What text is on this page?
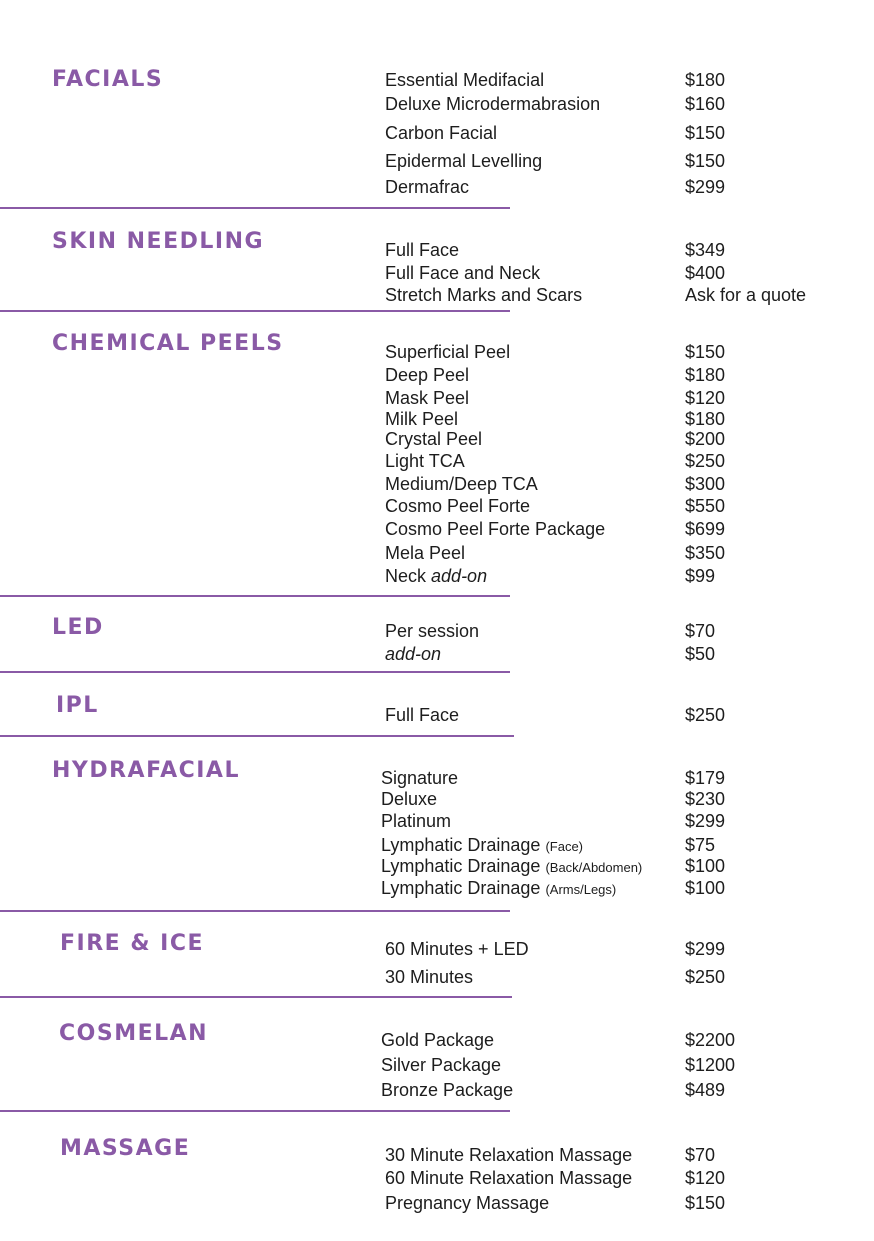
FACIALS	Essential Medifacial	$180
Deluxe Microdermabrasion	$160
Carbon Facial	$150
Epidermal Levelling	$150
Dermafrac	$299
SKIN NEEDLING	Full Face	$349
Full Face and Neck	$400
Stretch Marks and Scars	Ask for a quote
CHEMICAL PEELS	Superficial Peel	$150
Deep Peel	$180
Mask Peel	$120
Milk Peel	$180
Crystal Peel	$200
Light TCA	$250
Medium/Deep TCA	$300
Cosmo Peel Forte	$550
Cosmo Peel Forte Package	$699
Mela Peel	$350
Neck add-on	$99
LED	Per session	$70
add-on	$50
IPL	Full Face	$250
HYDRAFACIAL	Signature	$179
Deluxe	$230
Platinum	$299
Lymphatic Drainage (Face)	$75
Lymphatic Drainage (Back/Abdomen) $100
Lymphatic Drainage (Arms/Legs)	$100
FIRE & ICE	60 Minutes + LED	$299
30 Minutes	$250
COSMELAN	Gold Package	$2200
Silver Package	$1200
Bronze Package	$489
MASSAGE	30 Minute Relaxation Massage	$70
60 Minute Relaxation Massage	$120
Pregnancy Massage	$150
